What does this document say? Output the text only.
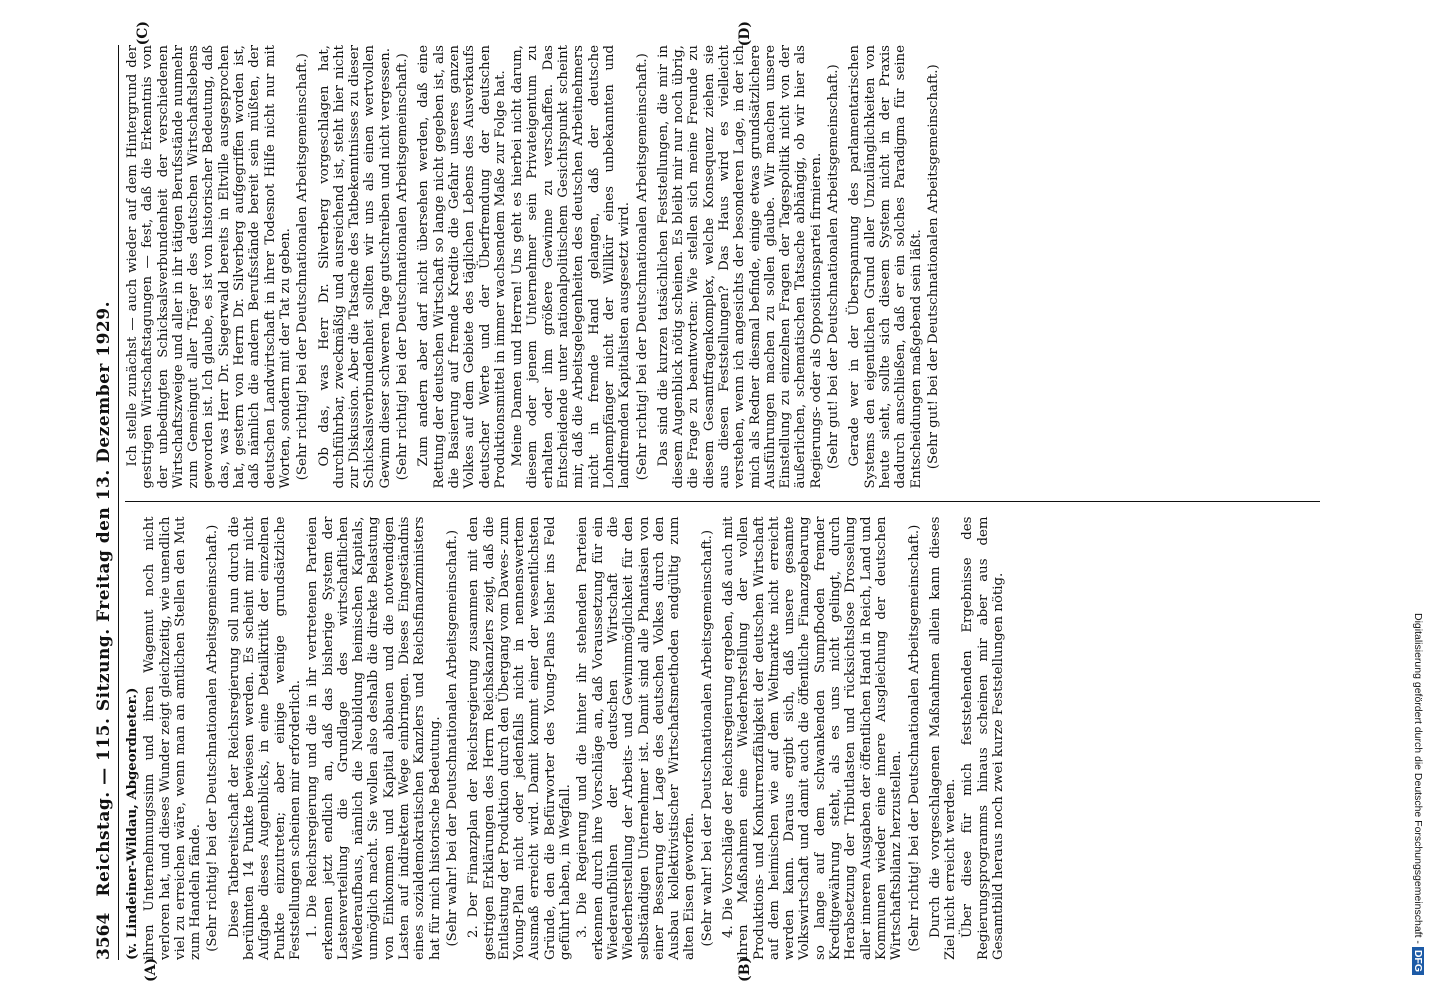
3564
Reichstag. — 115. Sitzung. Freitag den 13. Dezember 1929.
(A)	(B)

(v. Lindeiner-Wildau, Abgeordneter.) ihren Unternehmungssinn und ihren Wagemut noch nicht verloren hat, und dieses Wunder zeigt gleichzeitig, wie unendlich viel zu erreichen wäre, wenn man an amtlichen Stellen den Mut zum Handeln fände. (Sehr richtig! bei der Deutschnationalen Arbeitsgemeinschaft.) Diese Tatbereitschaft der Reichsregierung soll nun durch die berühmten 14 Punkte bewiesen werden. Es scheint mir nicht Aufgabe dieses Augenblicks, in eine Detailkritik der einzelnen Punkte einzutreten; aber einige wenige grundsätzliche Feststellungen scheinen mir erforderlich. 1. Die Reichsregierung und die in ihr vertretenen Parteien erkennen jetzt endlich an, daß das bisherige System der Lastenverteilung die Grundlage des wirtschaftlichen Wiederaufbaus, nämlich die Neubildung heimischen Kapitals, unmöglich macht. Sie wollen also deshalb die direkte Belastung von Einkommen und Kapital abbauen und die notwendigen Lasten auf indirektem Wege einbringen. Dieses Eingeständnis eines sozialdemokratischen Kanzlers und Reichsfinanzministers hat für mich historische Bedeutung. (Sehr wahr! bei der Deutschnationalen Arbeitsgemeinschaft.) 2. Der Finanzplan der Reichsregierung zusammen mit den gestrigen Erklärungen des Herrn Reichskanzlers zeigt, daß die Entlastung der Produktion durch den Übergang vom Dawes- zum Young-Plan nicht oder jedenfalls nicht in nennenswertem Ausmaß erreicht wird. Damit kommt einer der wesentlichsten Gründe, den die Befürworter des Young-Plans bisher ins Feld geführt haben, in Wegfall. 3. Die Regierung und die hinter ihr stehenden Parteien erkennen durch ihre Vorschläge an, daß Voraussetzung für ein Wiederaufblühen der deutschen Wirtschaft die Wiederherstellung der Arbeits- und Gewinnmöglichkeit für den selbständigen Unternehmer ist. Damit sind alle Phantasien von einer Besserung der Lage des deutschen Volkes durch den Ausbau kollektivistischer Wirtschaftsmethoden endgültig zum alten Eisen geworfen. (Sehr wahr! bei der Deutschnationalen Arbeitsgemeinschaft.) 4. Die Vorschläge der Reichsregierung ergeben, daß auch mit ihren Maßnahmen eine Wiederherstellung der vollen Produktions- und Konkurrenzfähigkeit der deutschen Wirtschaft auf dem heimischen wie auf dem Weltmarkte nicht erreicht werden kann. Daraus ergibt sich, daß unsere gesamte Volkswirtschaft und damit auch die öffentliche Finanzgebarung so lange auf dem schwankenden Sumpfboden fremder Kreditgewährung steht, als es uns nicht gelingt, durch Herabsetzung der Tributlasten und rücksichtslose Drosselung aller inneren Ausgaben der öffentlichen Hand in Reich, Land und Kommunen wieder eine innere Ausgleichung der deutschen Wirtschaftsbilanz herzustellen. (Sehr richtig! bei der Deutschnationalen Arbeitsgemeinschaft.) Durch die vorgeschlagenen Maßnahmen allein kann dieses Ziel nicht erreicht werden. Über diese für mich feststehenden Ergebnisse des Regierungsprogramms hinaus scheinen mir aber aus dem Gesamtbild heraus noch zwei kurze Feststellungen nötig.

(C)	(D)

Ich stelle zunächst — auch wieder auf dem Hintergrund der gestrigen Wirtschaftstagungen — fest, daß die Erkenntnis von der unbedingten Schicksalsverbundenheit der verschiedenen Wirtschaftszweige und aller in ihr tätigen Berufsstände nunmehr zum Gemeingut aller Träger des deutschen Wirtschaftslebens geworden ist. Ich glaube, es ist von historischer Bedeutung, daß das, was Herr Dr. Siegerwald bereits in Eltville ausgesprochen hat, gestern von Herrn Dr. Silverberg aufgegriffen worden ist, daß nämlich die andern Berufsstände bereit sein müßten, der deutschen Landwirtschaft in ihrer Todesnot Hilfe nicht nur mit Worten, sondern mit der Tat zu geben. (Sehr richtig! bei der Deutschnationalen Arbeitsgemeinschaft.) Ob das, was Herr Dr. Silverberg vorgeschlagen hat, durchführbar, zweckmäßig und ausreichend ist, steht hier nicht zur Diskussion. Aber die Tatsache des Tatbekenntnisses zu dieser Schicksalsverbundenheit sollten wir uns als einen wertvollen Gewinn dieser schweren Tage gutschreiben und nicht vergessen. (Sehr richtig! bei der Deutschnationalen Arbeitsgemeinschaft.) Zum andern aber darf nicht übersehen werden, daß eine Rettung der deutschen Wirtschaft so lange nicht gegeben ist, als die Basierung auf fremde Kredite die Gefahr unseres ganzen Volkes auf dem Gebiete des täglichen Lebens des Ausverkaufs deutscher Werte und der Überfremdung der deutschen Produktionsmittel in immer wachsendem Maße zur Folge hat. Meine Damen und Herren! Uns geht es hierbei nicht darum, diesem oder jenem Unternehmer sein Privateigentum zu erhalten oder ihm größere Gewinne zu verschaffen. Das Entscheidende unter nationalpolitischem Gesichtspunkt scheint mir, daß die Arbeitsgelegenheiten des deutschen Arbeitnehmers nicht in fremde Hand gelangen, daß der deutsche Lohnempfänger nicht der Willkür eines unbekannten und landfremden Kapitalisten ausgesetzt wird. (Sehr richtig! bei der Deutschnationalen Arbeitsgemeinschaft.) Das sind die kurzen tatsächlichen Feststellungen, die mir in diesem Augenblick nötig scheinen. Es bleibt mir nur noch übrig, die Frage zu beantworten: Wie stellen sich meine Freunde zu diesem Gesamtfragenkomplex, welche Konsequenz ziehen sie aus diesen Feststellungen? Das Haus wird es vielleicht verstehen, wenn ich angesichts der besonderen Lage, in der ich mich als Redner diesmal befinde, einige etwas grundsätzlichere Ausführungen machen zu sollen glaube. Wir machen unsere Einstellung zu einzelnen Fragen der Tagespolitik nicht von der äußerlichen, schematischen Tatsache abhängig, ob wir hier als Regierungs- oder als Oppositionspartei firmieren. (Sehr gut! bei der Deutschnationalen Arbeitsgemeinschaft.) Gerade wer in der Überspannung des parlamentarischen Systems den eigentlichen Grund aller Unzulänglichkeiten von heute sieht, sollte sich diesem System nicht in der Praxis dadurch anschließen, daß er ein solches Paradigma für seine Entscheidungen maßgebend sein läßt. (Sehr gut! bei der Deutschnationalen Arbeitsgemeinschaft.)

Digitalisierung gefördert durch die Deutsche Forschungsgemeinschaft - DFG
